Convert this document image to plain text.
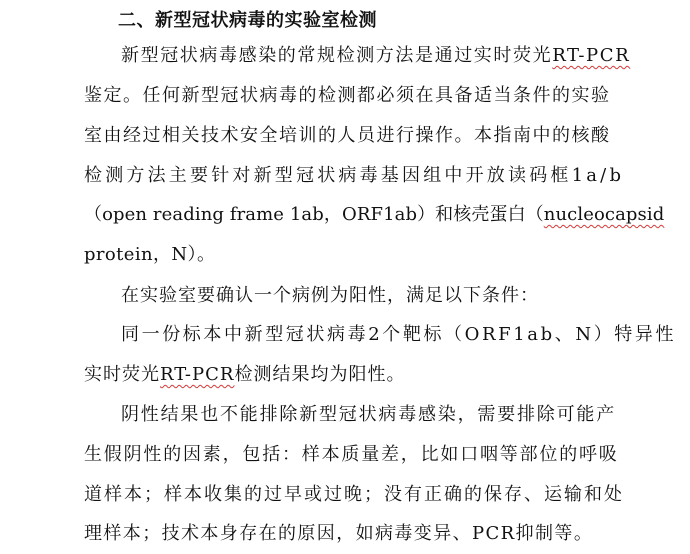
二、新型冠状病毒的实验室检测
新型冠状病毒感染的常规检测方法是通过实时荧光RT-PCR
鉴定。任何新型冠状病毒的检测都必须在具备适当条件的实验
室由经过相关技术安全培训的人员进行操作。本指南中的核酸
检测方法主要针对新型冠状病毒基因组中开放读码框1a/b
（open reading frame 1ab，ORF1ab）和核壳蛋白（nucleocapsid
protein，N）。
在实验室要确认一个病例为阳性，满足以下条件：
同一份标本中新型冠状病毒2个靶标（ORF1ab、N）特异性
实时荧光RT-PCR检测结果均为阳性。
阴性结果也不能排除新型冠状病毒感染，需要排除可能产
生假阴性的因素，包括：样本质量差，比如口咽等部位的呼吸
道样本；样本收集的过早或过晚；没有正确的保存、运输和处
理样本；技术本身存在的原因，如病毒变异、PCR抑制等。
